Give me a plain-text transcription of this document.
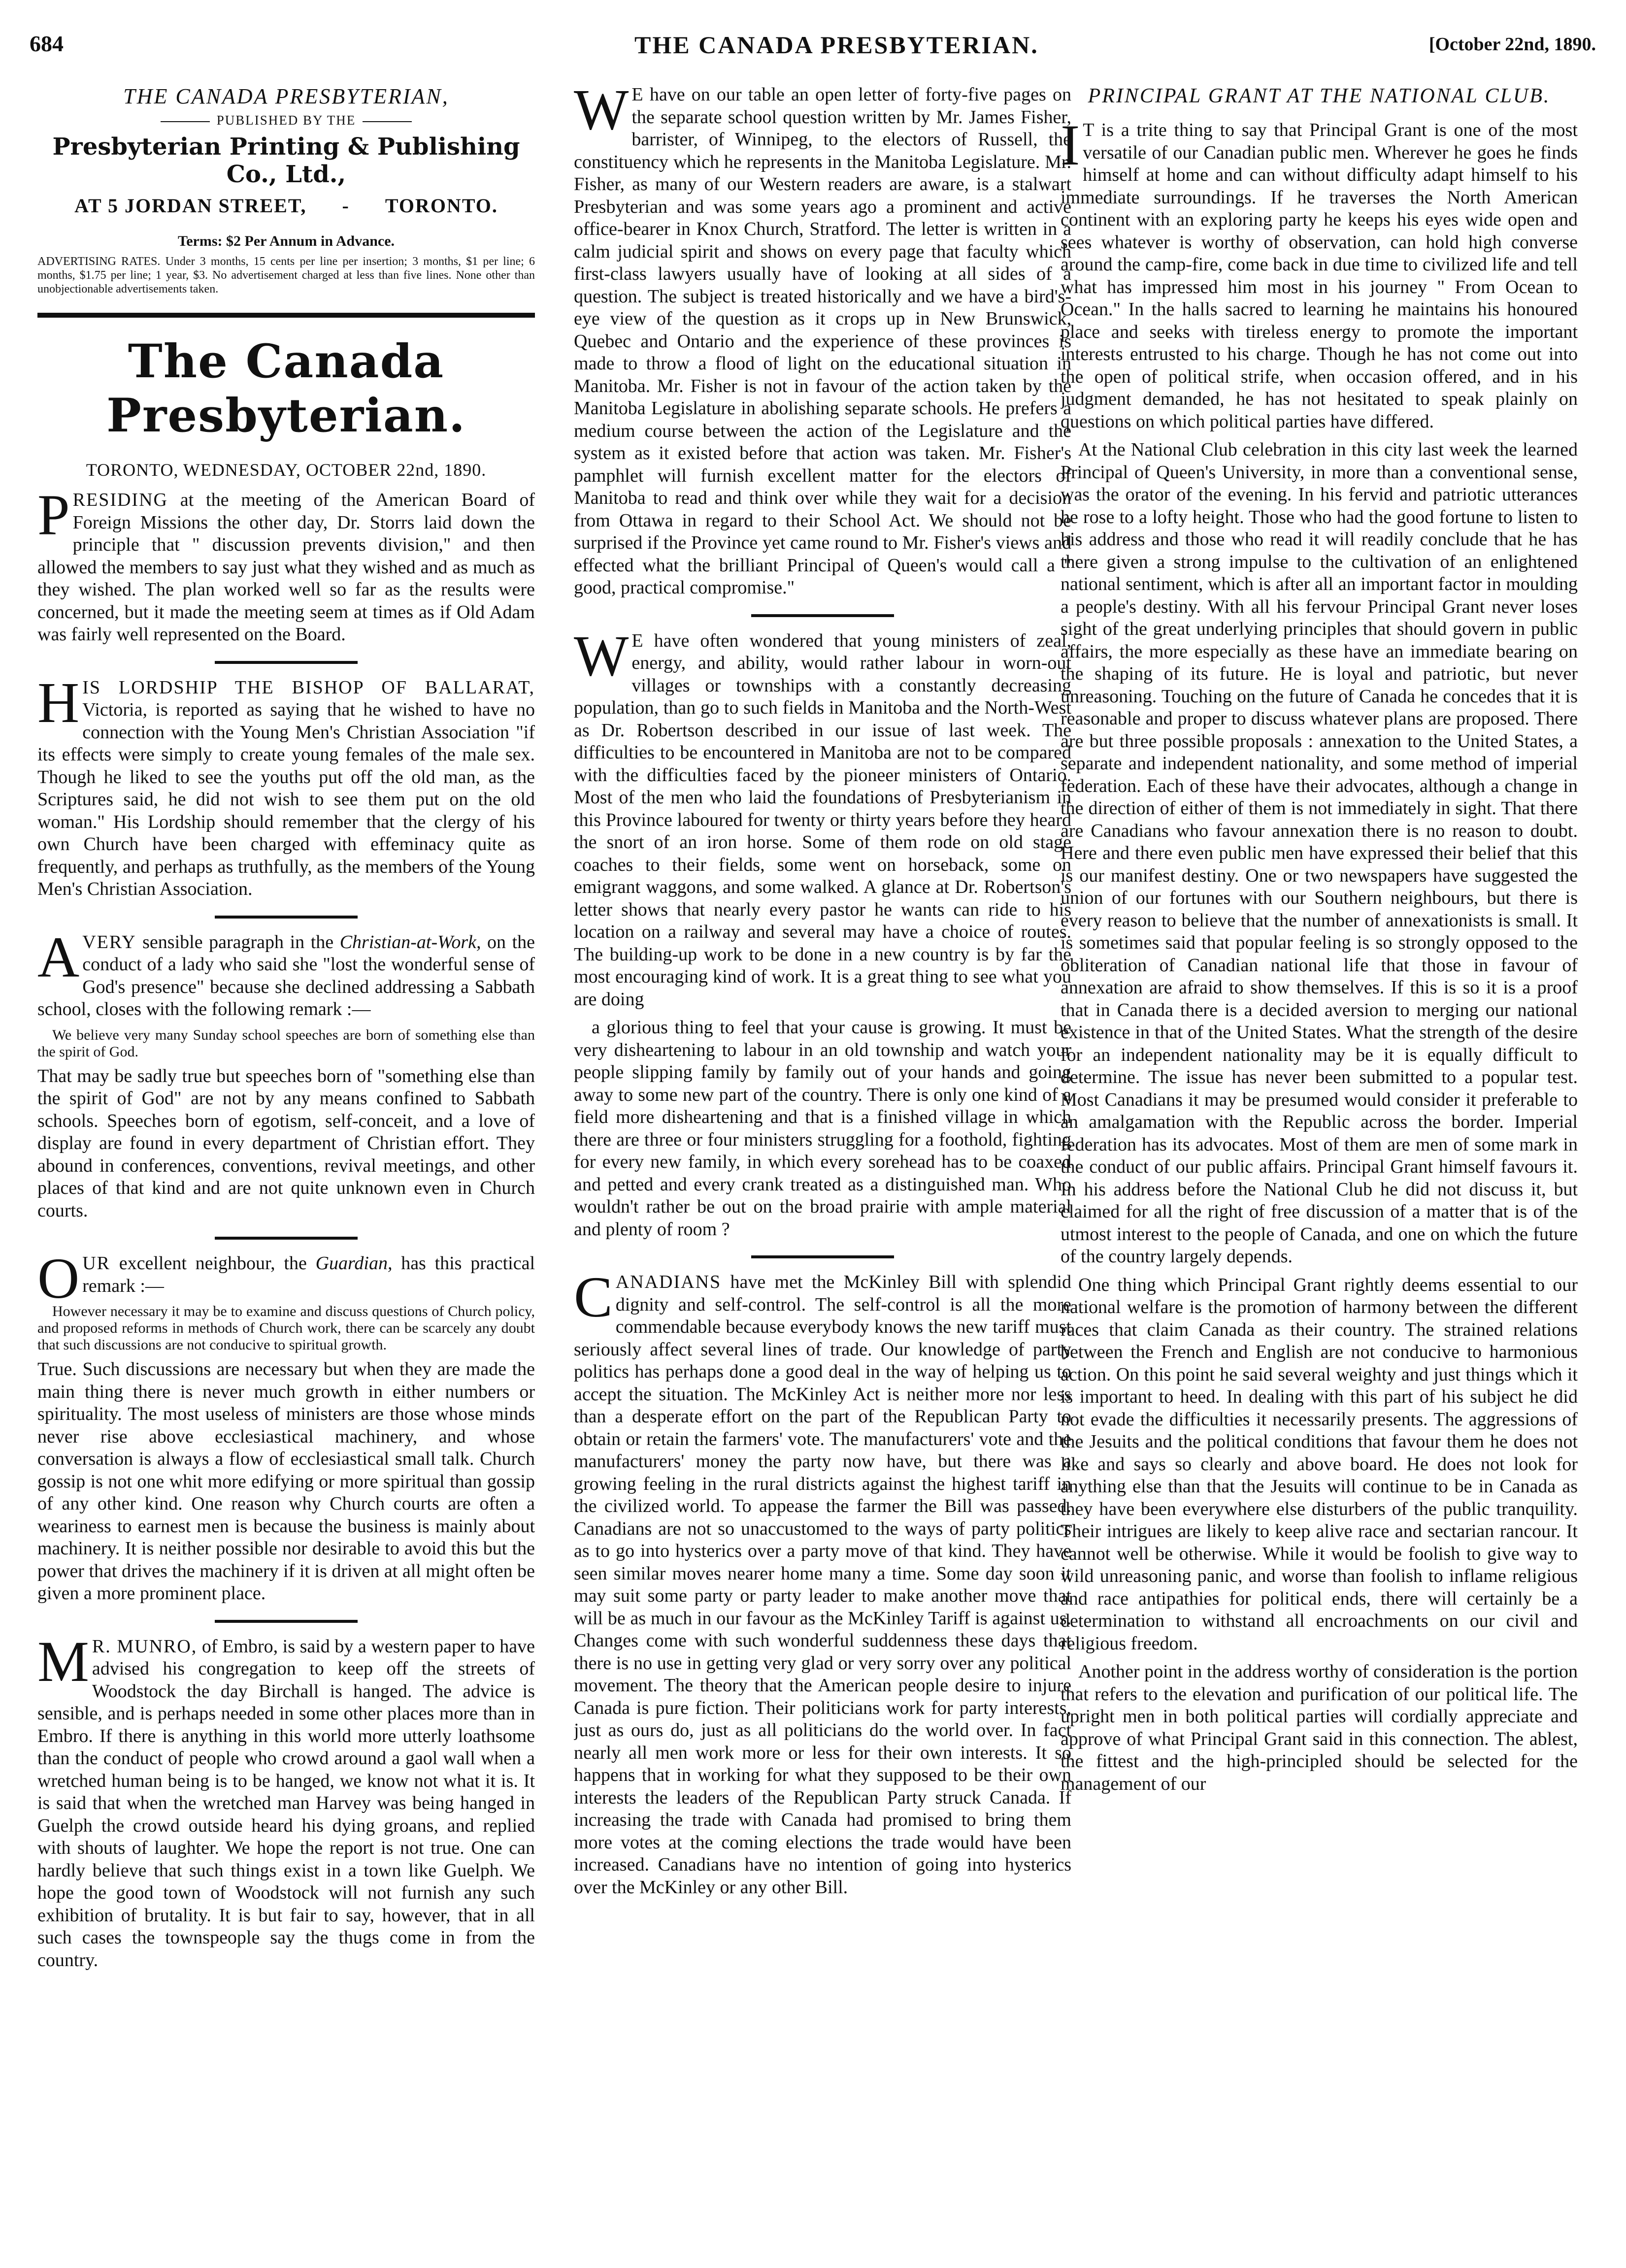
684	THE CANADA PRESBYTERIAN.	[October 22nd, 1890.
THE CANADA PRESBYTERIAN,
PUBLISHED BY THE
Presbyterian Printing & Publishing Co., Ltd.,
AT 5 JORDAN STREET, - TORONTO.
Terms: $2 Per Annum in Advance.

ADVERTISING RATES. Under 3 months, 15 cents per line per insertion; 3 months, $1 per line; 6 months, $1.75 per line; 1 year, $3. No advertisement charged at less than five lines. None other than unobjectionable advertisements taken.

The Canada Presbyterian.
TORONTO, WEDNESDAY, OCTOBER 22nd, 1890.

PRESIDING at the meeting of the American Board of Foreign Missions the other day, Dr. Storrs laid down the principle that " discussion prevents division," and then allowed the members to say just what they wished and as much as they wished. The plan worked well so far as the results were concerned, but it made the meeting seem at times as if Old Adam was fairly well represented on the Board.

HIS LORDSHIP THE BISHOP OF BALLARAT, Victoria, is reported as saying that he wished to have no connection with the Young Men's Christian Association "if its effects were simply to create young females of the male sex. Though he liked to see the youths put off the old man, as the Scriptures said, he did not wish to see them put on the old woman." His Lordship should remember that the clergy of his own Church have been charged with effeminacy quite as frequently, and perhaps as truthfully, as the members of the Young Men's Christian Association.

AVERY sensible paragraph in the Christian-at-Work, on the conduct of a lady who said she "lost the wonderful sense of God's presence" because she declined addressing a Sabbath school, closes with the following remark :—

We believe very many Sunday school speeches are born of something else than the spirit of God.

That may be sadly true but speeches born of "something else than the spirit of God" are not by any means confined to Sabbath schools. Speeches born of egotism, self-conceit, and a love of display are found in every department of Christian effort. They abound in conferences, conventions, revival meetings, and other places of that kind and are not quite unknown even in Church courts.

OUR excellent neighbour, the Guardian, has this practical remark :—

However necessary it may be to examine and discuss questions of Church policy, and proposed reforms in methods of Church work, there can be scarcely any doubt that such discussions are not conducive to spiritual growth.

True. Such discussions are necessary but when they are made the main thing there is never much growth in either numbers or spirituality. The most useless of ministers are those whose minds never rise above ecclesiastical machinery, and whose conversation is always a flow of ecclesiastical small talk. Church gossip is not one whit more edifying or more spiritual than gossip of any other kind. One reason why Church courts are often a weariness to earnest men is because the business is mainly about machinery. It is neither possible nor desirable to avoid this but the power that drives the machinery if it is driven at all might often be given a more prominent place.

M R. MUNRO, of Embro, is said by a western paper to have advised his congregation to keep off the streets of Woodstock the day Birchall is hanged. The advice is sensible, and is perhaps needed in some other places more than in Embro. If there is anything in this world more utterly loathsome than the conduct of people who crowd around a gaol wall when a wretched human being is to be hanged, we know not what it is. It is said that when the wretched man Harvey was being hanged in Guelph the crowd outside heard his dying groans, and replied with shouts of laughter. We hope the report is not true. One can hardly believe that such things exist in a town like Guelph. We hope the good town of Woodstock will not furnish any such exhibition of brutality. It is but fair to say, however, that in all such cases the townspeople say the thugs come in from the country.

W E have on our table an open letter of forty-five pages on the separate school question written by Mr. James Fisher, barrister, of Winnipeg, to the electors of Russell, the constituency which he represents in the Manitoba Legislature. Mr. Fisher, as many of our Western readers are aware, is a stalwart Presbyterian and was some years ago a prominent and active office-bearer in Knox Church, Stratford. The letter is written in a calm judicial spirit and shows on every page that faculty which first-class lawyers usually have of looking at all sides of a question. The subject is treated historically and we have a bird's-eye view of the question as it crops up in New Brunswick, Quebec and Ontario and the experience of these provinces is made to throw a flood of light on the educational situation in Manitoba. Mr. Fisher is not in favour of the action taken by the Manitoba Legislature in abolishing separate schools. He prefers a medium course between the action of the Legislature and the system as it existed before that action was taken. Mr. Fisher's pamphlet will furnish excellent matter for the electors of Manitoba to read and think over while they wait for a decision from Ottawa in regard to their School Act. We should not be surprised if the Province yet came round to Mr. Fisher's views and effected what the brilliant Principal of Queen's would call a " good, practical compromise."

W E have often wondered that young ministers of zeal, energy, and ability, would rather labour in worn-out villages or townships with a constantly decreasing population, than go to such fields in Manitoba and the North-West as Dr. Robertson described in our issue of last week. The difficulties to be encountered in Manitoba are not to be compared with the difficulties faced by the pioneer ministers of Ontario. Most of the men who laid the foundations of Presbyterianism in this Province laboured for twenty or thirty years before they heard the snort of an iron horse. Some of them rode on old stage coaches to their fields, some went on horseback, some on emigrant waggons, and some walked. A glance at Dr. Robertson's letter shows that nearly every pastor he wants can ride to his location on a railway and several may have a choice of routes. The building-up work to be done in a new country is by far the most encouraging kind of work. It is a great thing to see what you are doing

a glorious thing to feel that your cause is growing. It must be very disheartening to labour in an old township and watch your people slipping family by family out of your hands and going away to some new part of the country. There is only one kind of a field more disheartening and that is a finished village in which there are three or four ministers struggling for a foothold, fighting for every new family, in which every sorehead has to be coaxed and petted and every crank treated as a distinguished man. Who wouldn't rather be out on the broad prairie with ample material and plenty of room ?

CANADIANS have met the McKinley Bill with splendid dignity and self-control. The self-control is all the more commendable because everybody knows the new tariff must seriously affect several lines of trade. Our knowledge of party politics has perhaps done a good deal in the way of helping us to accept the situation. The McKinley Act is neither more nor less than a desperate effort on the part of the Republican Party to obtain or retain the farmers' vote. The manufacturers' vote and the manufacturers' money the party now have, but there was a growing feeling in the rural districts against the highest tariff in the civilized world. To appease the farmer the Bill was passed. Canadians are not so unaccustomed to the ways of party politics as to go into hysterics over a party move of that kind. They have seen similar moves nearer home many a time. Some day soon it may suit some party or party leader to make another move that will be as much in our favour as the McKinley Tariff is against us. Changes come with such wonderful suddenness these days that there is no use in getting very glad or very sorry over any political movement. The theory that the American people desire to injure Canada is pure fiction. Their politicians work for party interests, just as ours do, just as all politicians do the world over. In fact nearly all men work more or less for their own interests. It so happens that in working for what they supposed to be their own interests the leaders of the Republican Party struck Canada. If increasing the trade with Canada had promised to bring them more votes at the coming elections the trade would have been increased. Canadians have no intention of going into hysterics over the McKinley or any other Bill.

PRINCIPAL GRANT AT THE NATIONAL CLUB.

I T is a trite thing to say that Principal Grant is one of the most versatile of our Canadian public men. Wherever he goes he finds himself at home and can without difficulty adapt himself to his immediate surroundings. If he traverses the North American continent with an exploring party he keeps his eyes wide open and sees whatever is worthy of observation, can hold high converse around the camp-fire, come back in due time to civilized life and tell what has impressed him most in his journey " From Ocean to Ocean." In the halls sacred to learning he maintains his honoured place and seeks with tireless energy to promote the important interests entrusted to his charge. Though he has not come out into the open of political strife, when occasion offered, and in his judgment demanded, he has not hesitated to speak plainly on questions on which political parties have differed.

At the National Club celebration in this city last week the learned Principal of Queen's University, in more than a conventional sense, was the orator of the evening. In his fervid and patriotic utterances he rose to a lofty height. Those who had the good fortune to listen to his address and those who read it will readily conclude that he has there given a strong impulse to the cultivation of an enlightened national sentiment, which is after all an important factor in moulding a people's destiny. With all his fervour Principal Grant never loses sight of the great underlying principles that should govern in public affairs, the more especially as these have an immediate bearing on the shaping of its future. He is loyal and patriotic, but never unreasoning. Touching on the future of Canada he concedes that it is reasonable and proper to discuss whatever plans are proposed. There are but three possible proposals : annexation to the United States, a separate and independent nationality, and some method of imperial federation. Each of these have their advocates, although a change in the direction of either of them is not immediately in sight. That there are Canadians who favour annexation there is no reason to doubt. Here and there even public men have expressed their belief that this is our manifest destiny. One or two newspapers have suggested the union of our fortunes with our Southern neighbours, but there is every reason to believe that the number of annexationists is small. It is sometimes said that popular feeling is so strongly opposed to the obliteration of Canadian national life that those in favour of annexation are afraid to show themselves. If this is so it is a proof that in Canada there is a decided aversion to merging our national existence in that of the United States. What the strength of the desire for an independent nationality may be it is equally difficult to determine. The issue has never been submitted to a popular test. Most Canadians it may be presumed would consider it preferable to an amalgamation with the Republic across the border. Imperial federation has its advocates. Most of them are men of some mark in the conduct of our public affairs. Principal Grant himself favours it. In his address before the National Club he did not discuss it, but claimed for all the right of free discussion of a matter that is of the utmost interest to the people of Canada, and one on which the future of the country largely depends.

One thing which Principal Grant rightly deems essential to our national welfare is the promotion of harmony between the different races that claim Canada as their country. The strained relations between the French and English are not conducive to harmonious action. On this point he said several weighty and just things which it is important to heed. In dealing with this part of his subject he did not evade the difficulties it necessarily presents. The aggressions of the Jesuits and the political conditions that favour them he does not like and says so clearly and above board. He does not look for anything else than that the Jesuits will continue to be in Canada as they have been everywhere else disturbers of the public tranquility. Their intrigues are likely to keep alive race and sectarian rancour. It cannot well be otherwise. While it would be foolish to give way to wild unreasoning panic, and worse than foolish to inflame religious and race antipathies for political ends, there will certainly be a determination to withstand all encroachments on our civil and religious freedom.

Another point in the address worthy of consideration is the portion that refers to the elevation and purification of our political life. The upright men in both political parties will cordially appreciate and approve of what Principal Grant said in this connection. The ablest, the fittest and the high-principled should be selected for the management of our
